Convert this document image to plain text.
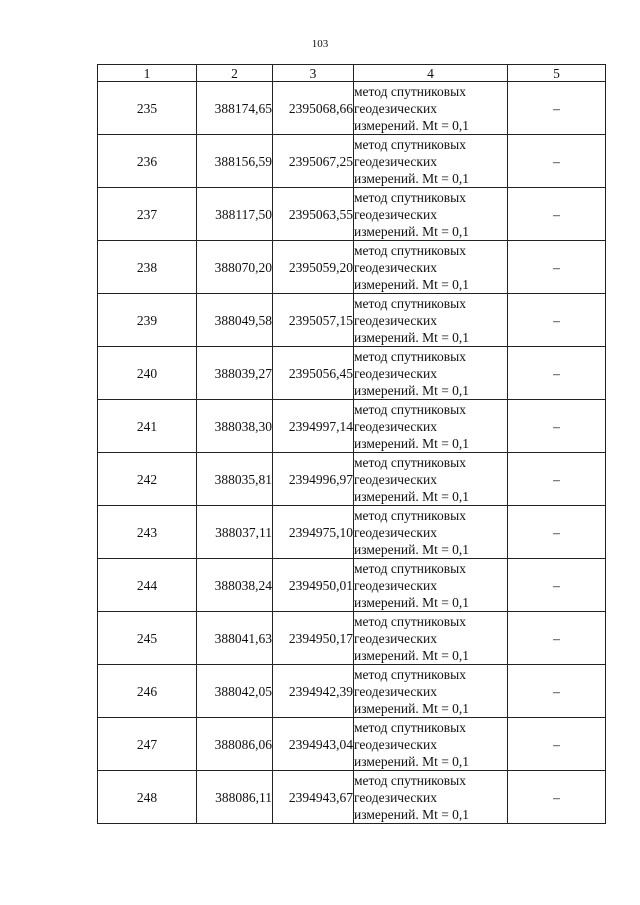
103
1	2	3	4	5
235	388174,65	2395068,66	метод спутниковых
геодезических
измерений. Mt = 0,1	–
236	388156,59	2395067,25	метод спутниковых
геодезических
измерений. Mt = 0,1	–
237	388117,50	2395063,55	метод спутниковых
геодезических
измерений. Mt = 0,1	–
238	388070,20	2395059,20	метод спутниковых
геодезических
измерений. Mt = 0,1	–
239	388049,58	2395057,15	метод спутниковых
геодезических
измерений. Mt = 0,1	–
240	388039,27	2395056,45	метод спутниковых
геодезических
измерений. Mt = 0,1	–
241	388038,30	2394997,14	метод спутниковых
геодезических
измерений. Mt = 0,1	–
242	388035,81	2394996,97	метод спутниковых
геодезических
измерений. Mt = 0,1	–
243	388037,11	2394975,10	метод спутниковых
геодезических
измерений. Mt = 0,1	–
244	388038,24	2394950,01	метод спутниковых
геодезических
измерений. Mt = 0,1	–
245	388041,63	2394950,17	метод спутниковых
геодезических
измерений. Mt = 0,1	–
246	388042,05	2394942,39	метод спутниковых
геодезических
измерений. Mt = 0,1	–
247	388086,06	2394943,04	метод спутниковых
геодезических
измерений. Mt = 0,1	–
248	388086,11	2394943,67	метод спутниковых
геодезических
измерений. Mt = 0,1	–
